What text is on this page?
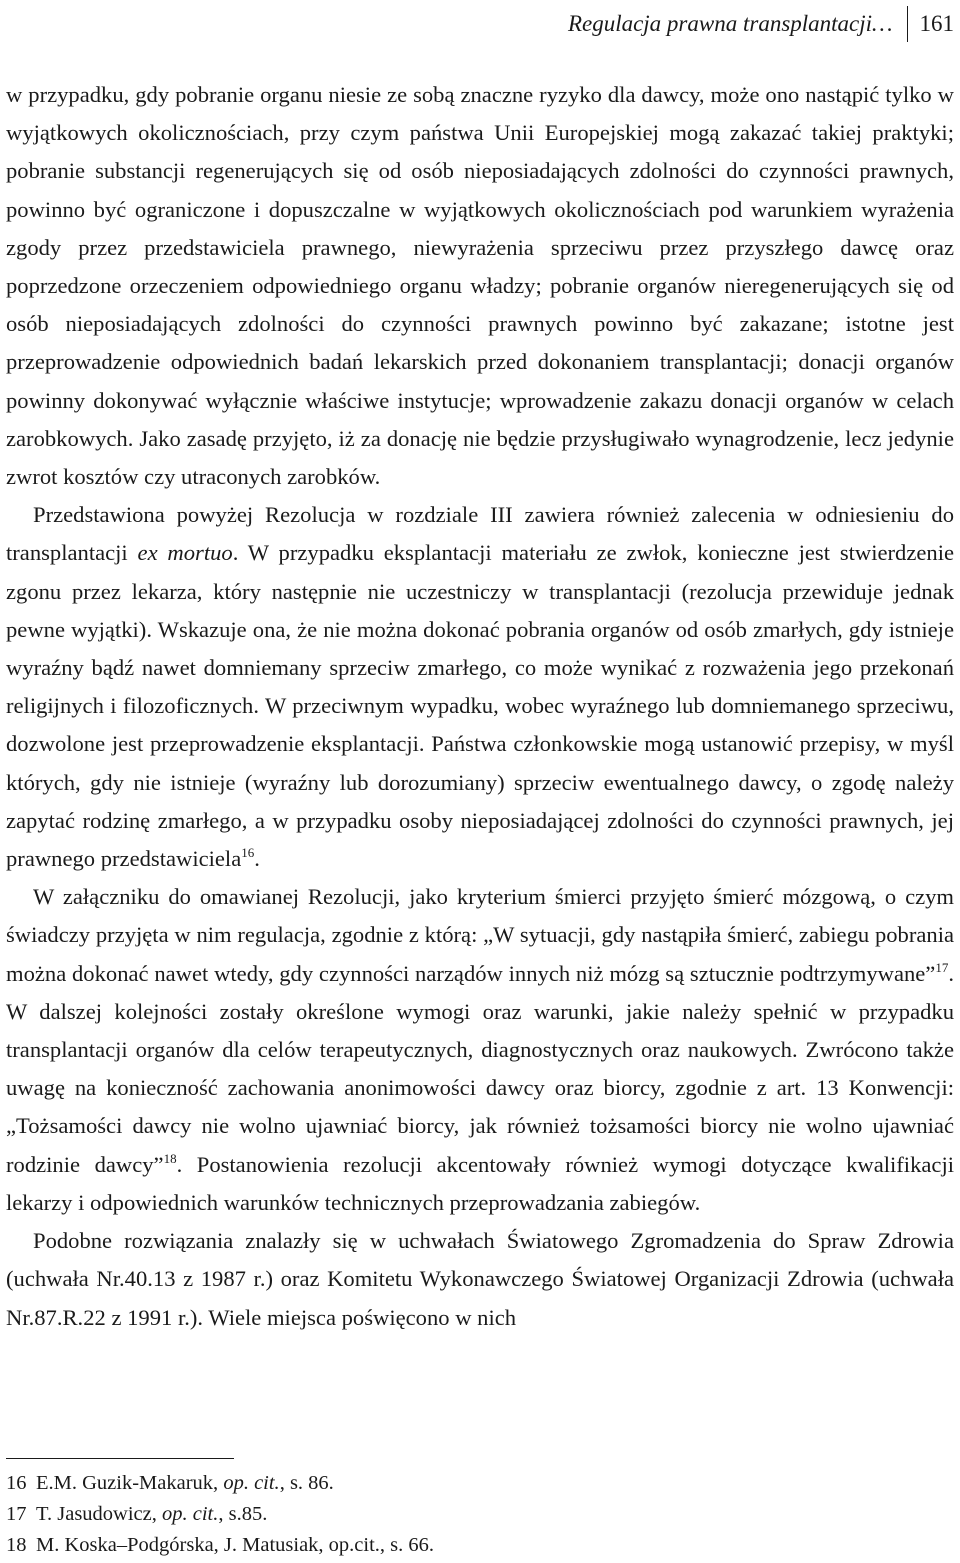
Regulacja prawna transplantacji…	161

w przypadku, gdy pobranie organu niesie ze sobą znaczne ryzyko dla dawcy, może ono nastąpić tylko w wyjątkowych okolicznościach, przy czym państwa Unii Europejskiej mogą zakazać takiej praktyki; pobranie substancji regenerujących się od osób nieposiadających zdolności do czynności prawnych, powinno być ograniczone i dopuszczalne w wyjątkowych okolicznościach pod warunkiem wyrażenia zgody przez przedstawiciela prawnego, niewyrażenia sprzeciwu przez przyszłego dawcę oraz poprzedzone orzeczeniem odpowiedniego organu władzy; pobranie organów nieregenerujących się od osób nieposiadających zdolności do czynności prawnych powinno być zakazane; istotne jest przeprowadzenie odpowiednich badań lekarskich przed dokonaniem transplantacji; donacji organów powinny dokonywać wyłącznie właściwe instytucje; wprowadzenie zakazu donacji organów w celach zarobkowych. Jako zasadę przyjęto, iż za donację nie będzie przysługiwało wynagrodzenie, lecz jedynie zwrot kosztów czy utraconych zarobków.

Przedstawiona powyżej Rezolucja w rozdziale III zawiera również zalecenia w odniesieniu do transplantacji ex mortuo. W przypadku eksplantacji materiału ze zwłok, konieczne jest stwierdzenie zgonu przez lekarza, który następnie nie uczestniczy w transplantacji (rezolucja przewiduje jednak pewne wyjątki). Wskazuje ona, że nie można dokonać pobrania organów od osób zmarłych, gdy istnieje wyraźny bądź nawet domniemany sprzeciw zmarłego, co może wynikać z rozważenia jego przekonań religijnych i filozoficznych. W przeciwnym wypadku, wobec wyraźnego lub domniemanego sprzeciwu, dozwolone jest przeprowadzenie eksplantacji. Państwa członkowskie mogą ustanowić przepisy, w myśl których, gdy nie istnieje (wyraźny lub dorozumiany) sprzeciw ewentualnego dawcy, o zgodę należy zapytać rodzinę zmarłego, a w przypadku osoby nieposiadającej zdolności do czynności prawnych, jej prawnego przedstawiciela$^{16}$.

W załączniku do omawianej Rezolucji, jako kryterium śmierci przyjęto śmierć mózgową, o czym świadczy przyjęta w nim regulacja, zgodnie z którą: „W sytuacji, gdy nastąpiła śmierć, zabiegu pobrania można dokonać nawet wtedy, gdy czynności narządów innych niż mózg są sztucznie podtrzymywane”$^{17}$. W dalszej kolejności zostały określone wymogi oraz warunki, jakie należy spełnić w przypadku transplantacji organów dla celów terapeutycznych, diagnostycznych oraz naukowych. Zwrócono także uwagę na konieczność zachowania anonimowości dawcy oraz biorcy, zgodnie z art. 13 Konwencji: „Tożsamości dawcy nie wolno ujawniać biorcy, jak również tożsamości biorcy nie wolno ujawniać rodzinie dawcy”$^{18}$. Postanowienia rezolucji akcentowały również wymogi dotyczące kwalifikacji lekarzy i odpowiednich warunków technicznych przeprowadzania zabiegów.

Podobne rozwiązania znalazły się w uchwałach Światowego Zgromadzenia do Spraw Zdrowia (uchwała Nr.40.13 z 1987 r.) oraz Komitetu Wykonawczego Światowej Organizacji Zdrowia (uchwała Nr.87.R.22 z 1991 r.). Wiele miejsca poświęcono w nich

16 E.M. Guzik-Makaruk, op. cit., s. 86.
17 T. Jasudowicz, op. cit., s.85.
18 M. Koska–Podgórska, J. Matusiak, op.cit., s. 66.
